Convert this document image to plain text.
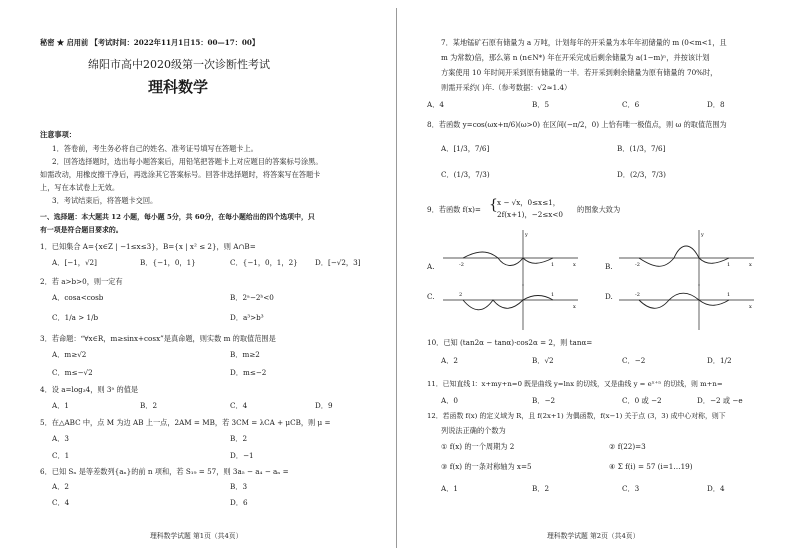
秘密 ★ 启用前 【考试时间：2022年11月1日15：00—17：00】
绵阳市高中2020级第一次诊断性考试
理科数学
注意事项：
1．答卷前，考生务必将自己的姓名、准考证号填写在答题卡上。
2．回答选择题时，选出每小题答案后，用铅笔把答题卡上对应题目的答案标号涂黑。
如需改动，用橡皮擦干净后，再选涂其它答案标号。回答非选择题时，将答案写在答题卡
上，写在本试卷上无效。
3．考试结束后，将答题卡交回。
一、选择题：本大题共 12 小题，每小题 5分，共 60分，在每小题给出的四个选项中，只
有一项是符合题目要求的。
1．已知集合 A={x∈Z | −1≤x≤3}，B={x | x² ≤ 2}，则 A∩B=
A．[−1，√2]	B．{−1，0，1}	C．{−1，0，1，2} D．[−√2，3]
2．若 a>b>0，则一定有
A．cosa<cosb	B．2ᵃ−2ᵇ<0
C．1/a > 1/b	D．a³>b³
3．若命题：“∀x∈R，m≥sinx+cosx”是真命题，则实数 m 的取值范围是
A．m≥√2	B．m≥2
C．m≤−√2	D．m≤−2
4．设 a=log₃4，则 3ᵃ 的值是
A．1	B．2	C．4	D．9
5．在△ABC 中，点 M 为边 AB 上一点，2AM = MB，若 3CM = λCA + μCB，则 μ =
A．3	B．2
C．1	D．−1
6．已知 Sₙ 是等差数列{aₙ}的前 n 项和，若 S₁₉ = 57，则 3a₅ − a₄ − aₙ =
A．2	B．3
C．4	D．6
理科数学试题 第1页（共4页）
7．某地锰矿石原有储量为 a 万吨，计划每年的开采量为本年年初储量的 m (0<m<1，且
m 为常数)倍，那么第 n (n∈N*) 年在开采完成后剩余储量为 a(1−m)ⁿ，并按该计划
方案使用 10 年时间开采到原有储量的一半．若开采到剩余储量为原有储量的 70%时，
则需开采约( )年.（参考数据：√2≈1.4）
A．4	B．5	C．6	D．8
8．若函数 y=cos(ωx+π/6)(ω>0) 在区间(−π/2，0) 上恰有唯一极值点，则 ω 的取值范围为
A．[1/3，7/6]	B．(1/3，7/6]
C．(1/3，7/3)	D．(2/3，7/3)
9．若函数 f(x)= { x − √x，0≤x≤1，
2f(x+1)，−2≤x<0
的图象大致为
A.	B.
C.	D.
-2	1	x
y
-2	1	x
y
2	1
x
-2	1
x
10．已知 (tan2α − tanα)·cos2α = 2，则 tanα=
A．2	B．√2	C．−2	D．1/2
11．已知直线 l：x+my+n=0 既是曲线 y=lnx 的切线，又是曲线 y = eˣ⁺ⁿ 的切线，则 m+n=
A．0	B．−2	C．0 或 −2	D．−2 或 −e
12．若函数 f(x) 的定义域为 R，且 f(2x+1) 为偶函数，f(x−1) 关于点 (3，3) 成中心对称，则下
列说法正确的个数为
① f(x) 的一个周期为 2	② f(22)=3
③ f(x) 的一条对称轴为 x=5	④ Σ f(i) = 57 (i=1…19)
A．1	B．2	C．3	D．4
理科数学试题 第2页（共4页）
